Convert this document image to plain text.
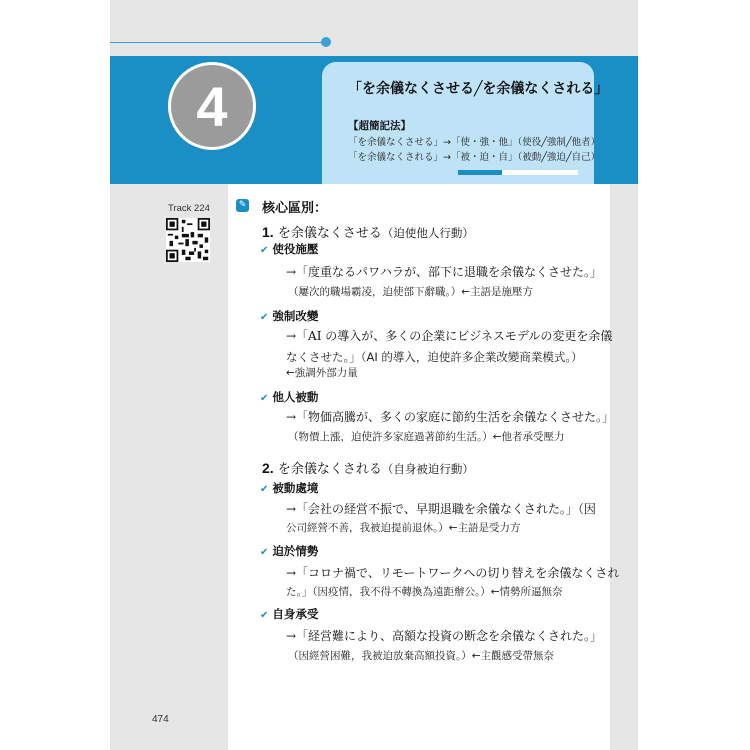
4	「を余儀なくさせる╱を余儀なくされる」
【超簡記法】
「を余儀なくさせる」→「使・強・他」（使役╱強制╱他者）
「を余儀なくされる」→「被・迫・自」（被動╱強迫╱自己）
Track 224	✎ 核心區別：
1. を余儀なくさせる（迫使他人行動）
✔ 使役施壓
→「度重なるパワハラが、部下に退職を余儀なくさせた。」
（屢次的職場霸凌，迫使部下辭職。）←主語是施壓方
✔ 強制改變
→「AI の導入が、多くの企業にビジネスモデルの変更を余儀
なくさせた。」（AI 的導入，迫使許多企業改變商業模式。）
←強調外部力量
✔ 他人被動
→「物価高騰が、多くの家庭に節約生活を余儀なくさせた。」
（物價上漲，迫使許多家庭過著節約生活。）←他者承受壓力
2. を余儀なくされる（自身被迫行動）
✔ 被動處境
→「会社の経営不振で、早期退職を余儀なくされた。」（因
公司經營不善，我被迫提前退休。）←主語是受力方
✔ 迫於情勢
→「コロナ禍で、リモートワークへの切り替えを余儀なくされ
た。」（因疫情，我不得不轉換為遠距辦公。）←情勢所逼無奈
✔ 自身承受
→「経営難により、高額な投資の断念を余儀なくされた。」
（因經營困難，我被迫放棄高額投資。）←主觀感受帶無奈
474
